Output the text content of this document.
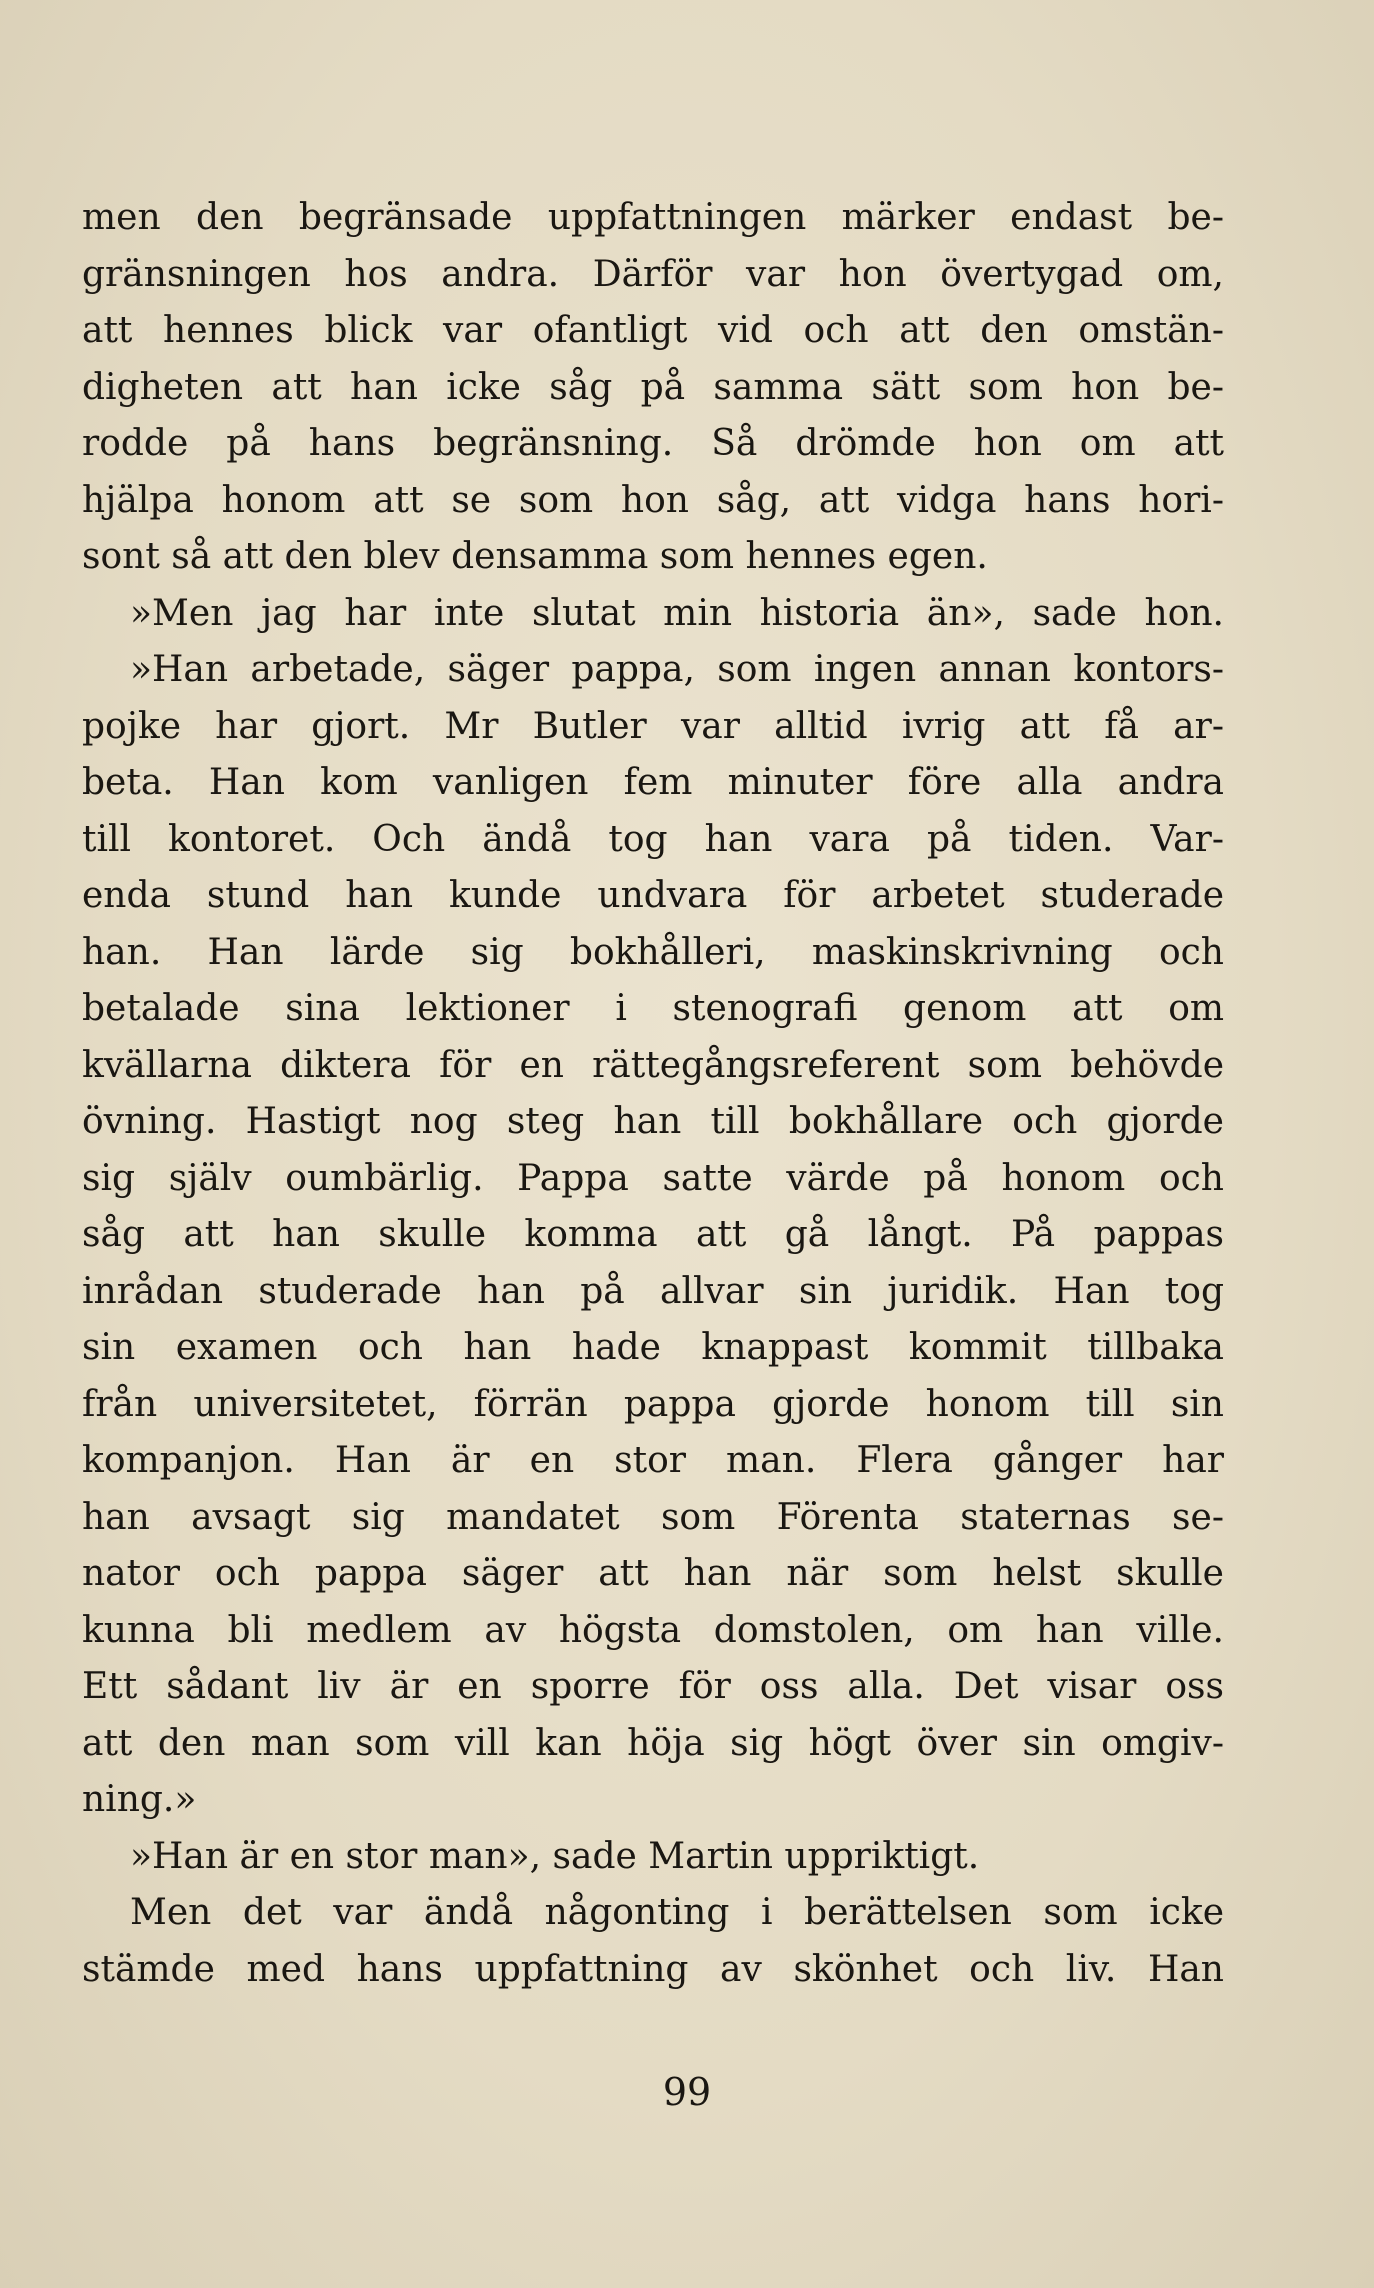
men den begränsade uppfattningen märker endast be-
gränsningen hos andra. Därför var hon övertygad om,
att hennes blick var ofantligt vid och att den omstän-
digheten att han icke såg på samma sätt som hon be-
rodde på hans begränsning. Så drömde hon om att
hjälpa honom att se som hon såg, att vidga hans hori-
sont så att den blev densamma som hennes egen.
»Men jag har inte slutat min historia än», sade hon.
»Han arbetade, säger pappa, som ingen annan kontors-
pojke har gjort. Mr Butler var alltid ivrig att få ar-
beta. Han kom vanligen fem minuter före alla andra
till kontoret. Och ändå tog han vara på tiden. Var-
enda stund han kunde undvara för arbetet studerade
han. Han lärde sig bokhålleri, maskinskrivning och
betalade sina lektioner i stenografi genom att om
kvällarna diktera för en rättegångsreferent som behövde
övning. Hastigt nog steg han till bokhållare och gjorde
sig själv oumbärlig. Pappa satte värde på honom och
såg att han skulle komma att gå långt. På pappas
inrådan studerade han på allvar sin juridik. Han tog
sin examen och han hade knappast kommit tillbaka
från universitetet, förrän pappa gjorde honom till sin
kompanjon. Han är en stor man. Flera gånger har
han avsagt sig mandatet som Förenta staternas se-
nator och pappa säger att han när som helst skulle
kunna bli medlem av högsta domstolen, om han ville.
Ett sådant liv är en sporre för oss alla. Det visar oss
att den man som vill kan höja sig högt över sin omgiv-
ning.»
»Han är en stor man», sade Martin uppriktigt.
Men det var ändå någonting i berättelsen som icke
stämde med hans uppfattning av skönhet och liv. Han
99
